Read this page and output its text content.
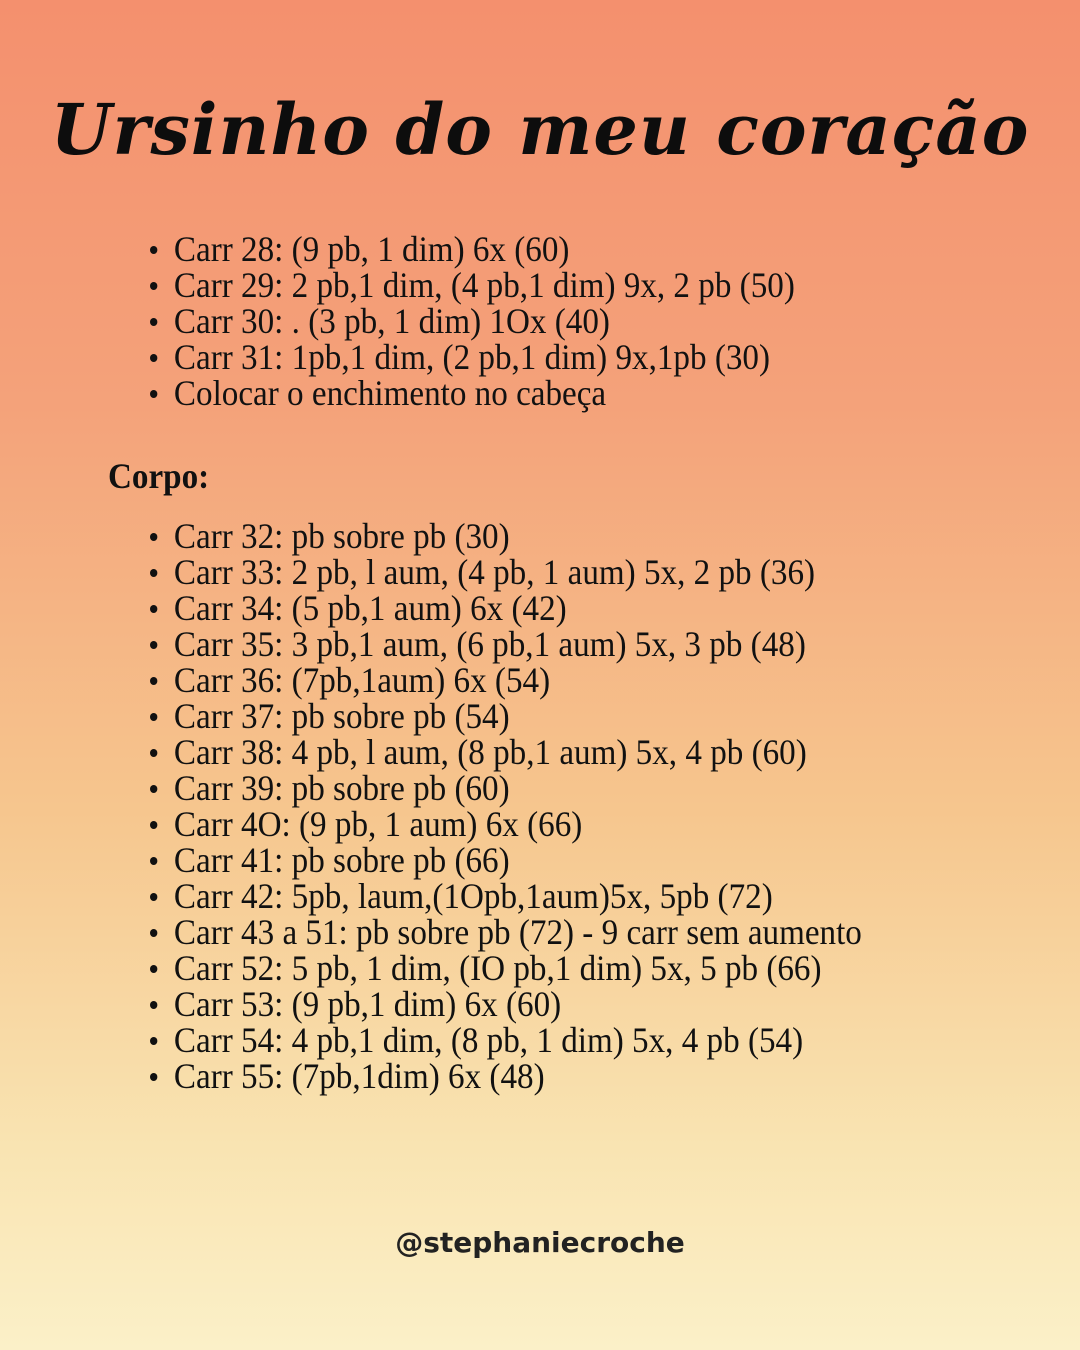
Ursinho do meu coração
Carr 28: (9 pb, 1 dim) 6x (60)
Carr 29: 2 pb,1 dim, (4 pb,1 dim) 9x, 2 pb (50)
Carr 30: . (3 pb, 1 dim) 1Ox (40)
Carr 31: 1pb,1 dim, (2 pb,1 dim) 9x,1pb (30)
Colocar o enchimento no cabeça
Corpo:
Carr 32: pb sobre pb (30)
Carr 33: 2 pb, l aum, (4 pb, 1 aum) 5x, 2 pb (36)
Carr 34: (5 pb,1 aum) 6x (42)
Carr 35: 3 pb,1 aum, (6 pb,1 aum) 5x, 3 pb (48)
Carr 36: (7pb,1aum) 6x (54)
Carr 37: pb sobre pb (54)
Carr 38: 4 pb, l aum, (8 pb,1 aum) 5x, 4 pb (60)
Carr 39: pb sobre pb (60)
Carr 4O: (9 pb, 1 aum) 6x (66)
Carr 41: pb sobre pb (66)
Carr 42: 5pb, laum,(1Opb,1aum)5x, 5pb (72)
Carr 43 a 51: pb sobre pb (72) - 9 carr sem aumento
Carr 52: 5 pb, 1 dim, (IO pb,1 dim) 5x, 5 pb (66)
Carr 53: (9 pb,1 dim) 6x (60)
Carr 54: 4 pb,1 dim, (8 pb, 1 dim) 5x, 4 pb (54)
Carr 55: (7pb,1dim) 6x (48)
@stephaniecroche
